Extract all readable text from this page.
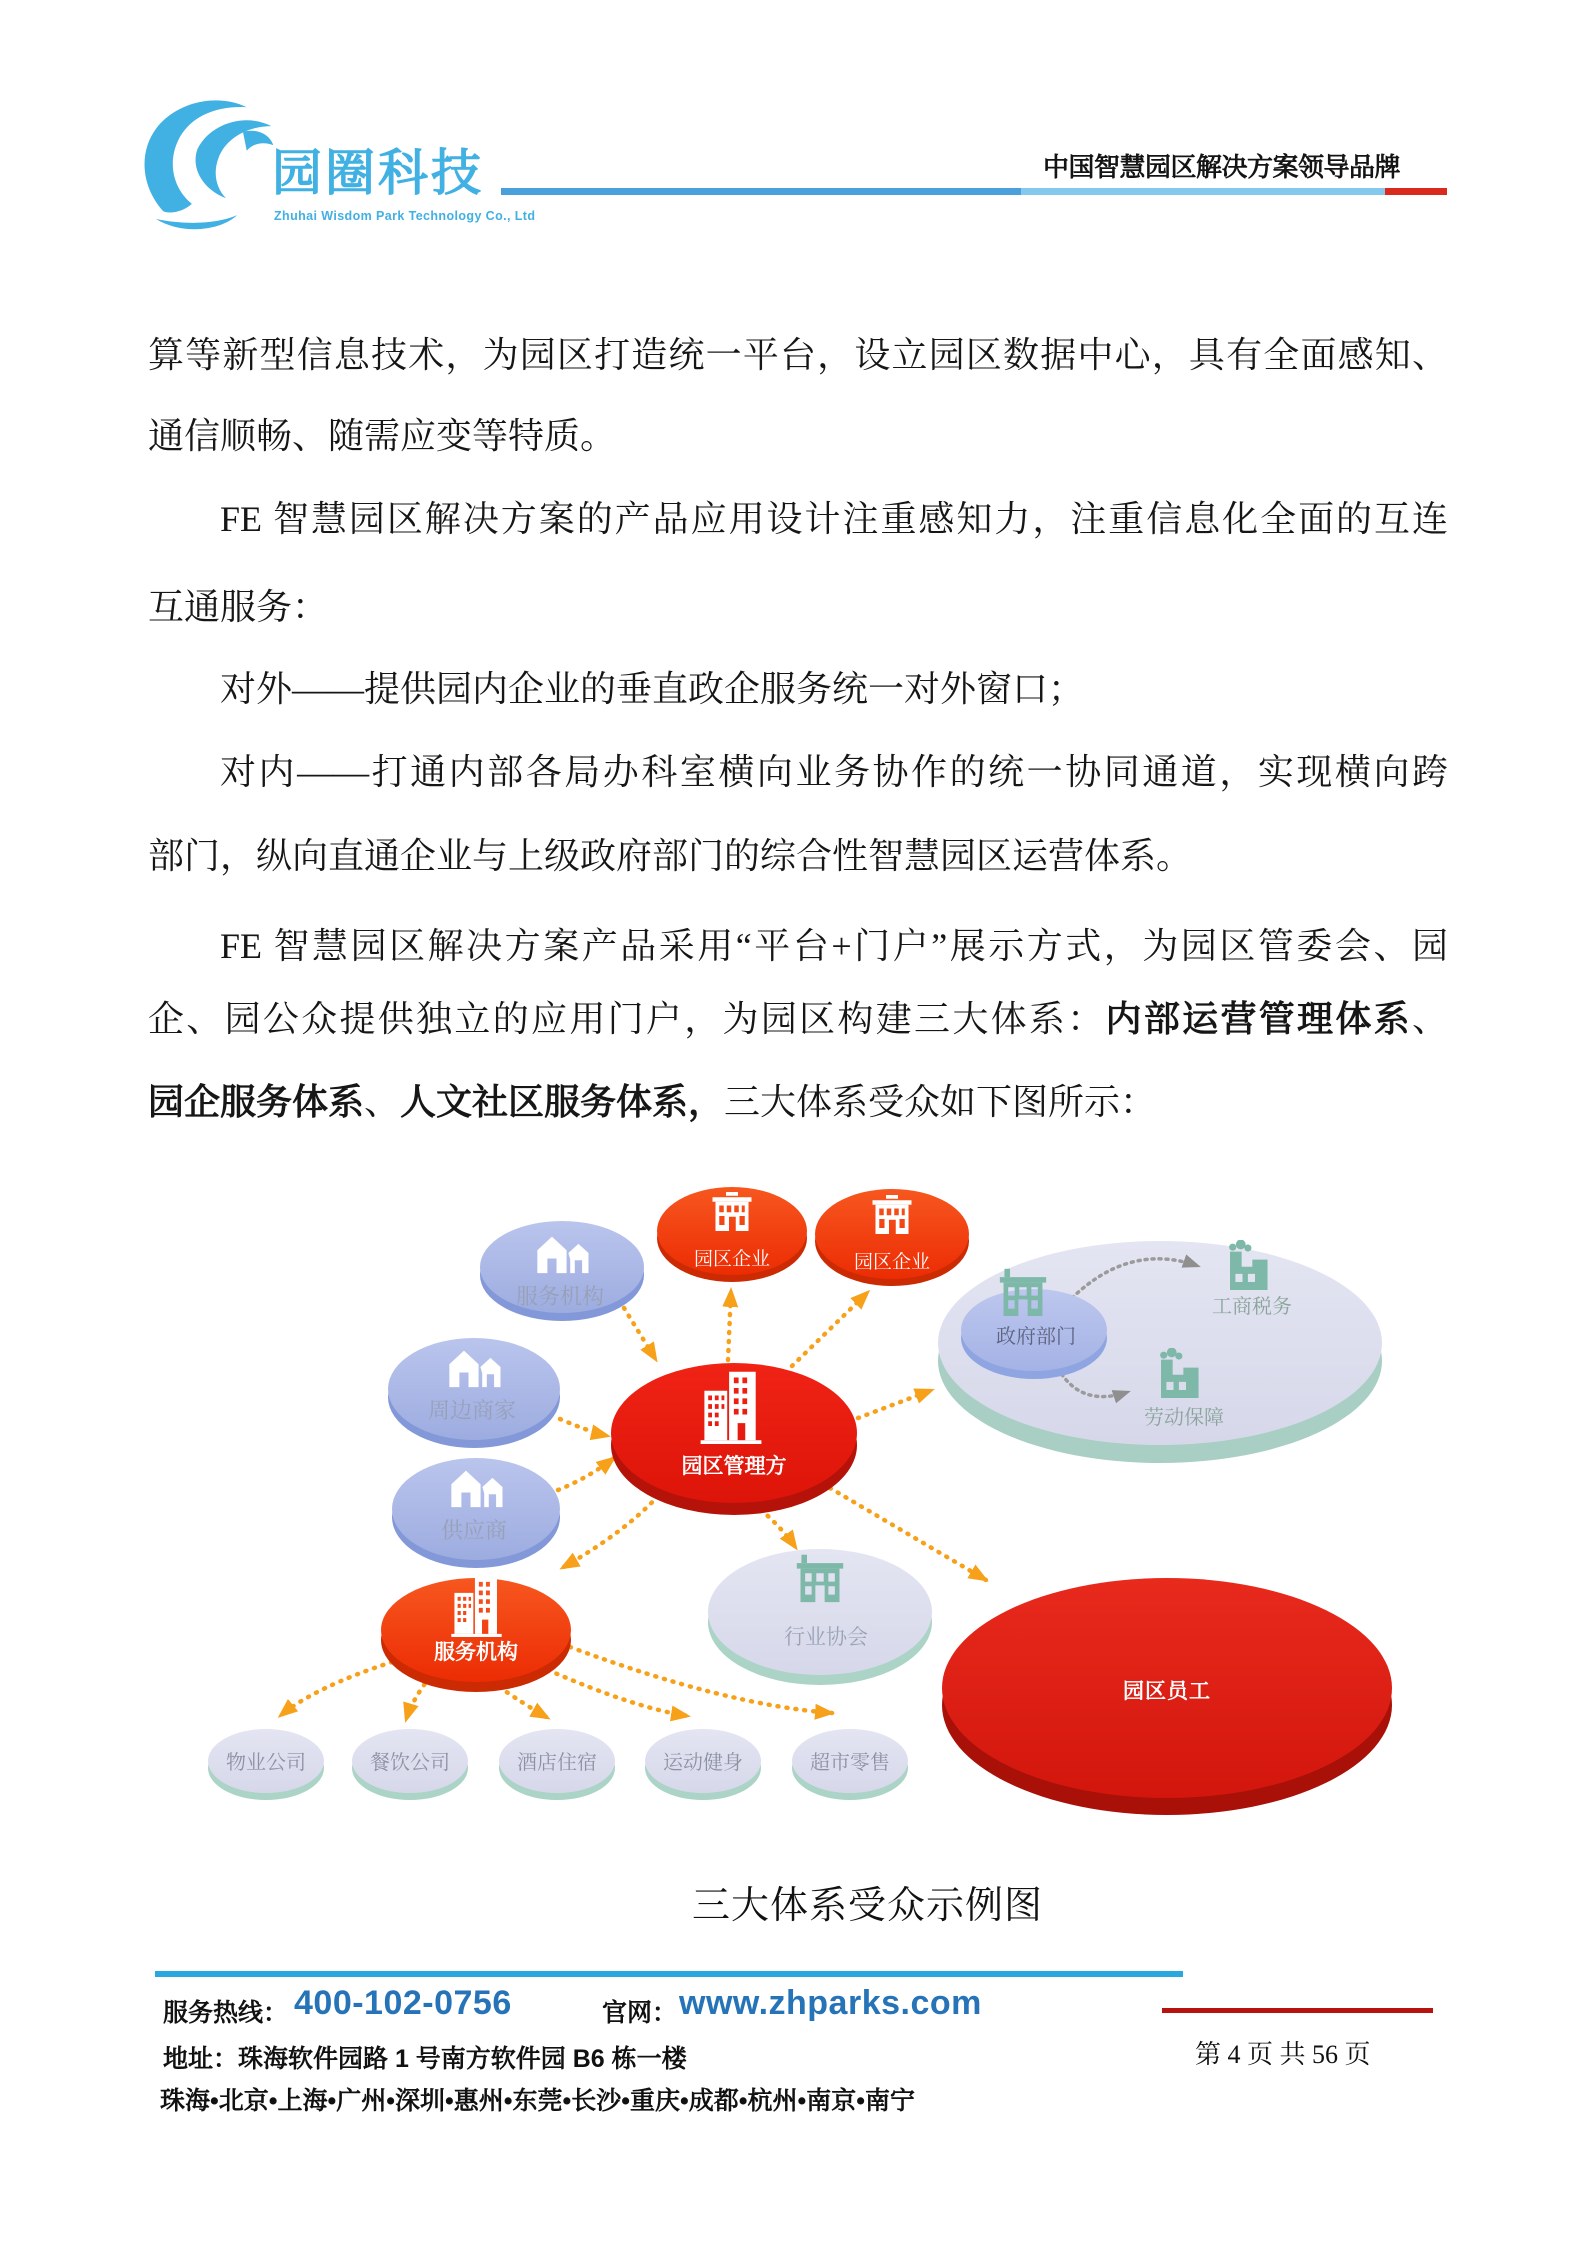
园圈科技
Zhuhai Wisdom Park Technology Co., Ltd
中国智慧园区解决方案领导品牌
算等新型信息技术，为园区打造统一平台，设立园区数据中心，具有全面感知、
通信顺畅、随需应变等特质。
FE 智慧园区解决方案的产品应用设计注重感知力，注重信息化全面的互连
互通服务：
对外——提供园内企业的垂直政企服务统一对外窗口；
对内——打通内部各局办科室横向业务协作的统一协同通道，实现横向跨
部门，纵向直通企业与上级政府部门的综合性智慧园区运营体系。
FE 智慧园区解决方案产品采用“平台+门户”展示方式，为园区管委会、园
企、园公众提供独立的应用门户，为园区构建三大体系：内部运营管理体系、
园企服务体系、人文社区服务体系，三大体系受众如下图所示：
园区员工
服务机构
周边商家
供应商
园区企业	园区企业
园区管理方
政府部门
工商税务
劳动保障
服务机构
行业协会
物业公司	餐饮公司	酒店住宿	运动健身	超市零售
三大体系受众示例图
服务热线： 400-102-0756	官网： www.zhparks.com
第 4 页 共 56 页
地址：珠海软件园路 1 号南方软件园 B6 栋一楼
珠海•北京•上海•广州•深圳•惠州•东莞•长沙•重庆•成都•杭州•南京•南宁
